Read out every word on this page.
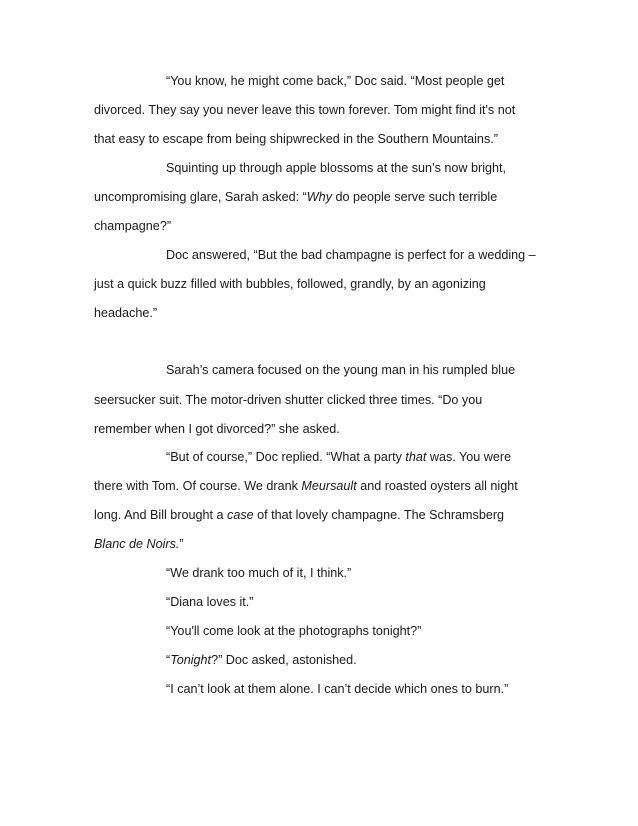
“You know, he might come back,” Doc said. “Most people get
divorced. They say you never leave this town forever. Tom might find it's not
that easy to escape from being shipwrecked in the Southern Mountains.”
Squinting up through apple blossoms at the sun’s now bright,
uncompromising glare, Sarah asked: “Why do people serve such terrible
champagne?”
Doc answered, “But the bad champagne is perfect for a wedding –
just a quick buzz filled with bubbles, followed, grandly, by an agonizing
headache.”
Sarah’s camera focused on the young man in his rumpled blue
seersucker suit. The motor-driven shutter clicked three times. “Do you
remember when I got divorced?” she asked.
“But of course,” Doc replied. “What a party that was. You were
there with Tom. Of course. We drank Meursault and roasted oysters all night
long. And Bill brought a case of that lovely champagne. The Schramsberg
Blanc de Noirs.”
“We drank too much of it, I think.”
“Diana loves it.”
“You'll come look at the photographs tonight?”
“Tonight?” Doc asked, astonished.
“I can’t look at them alone. I can’t decide which ones to burn.”
